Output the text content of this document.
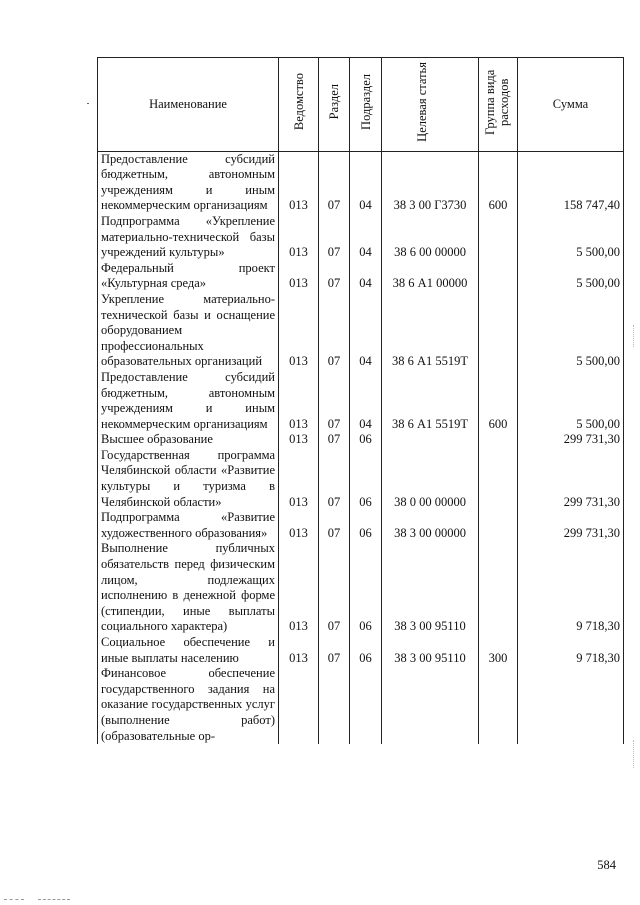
Наименование	Ведомство	Раздел	Подраздел	Целевая статья	Группа вида расходов	Сумма
Предоставление субсидий бюджетным, автономным учреждениям и иным некоммерческим организациям	013	07	04	38 3 00 Г3730	600	158 747,40
Подпрограмма «Укрепление материально-технической базы учреждений культуры»	013	07	04	38 6 00 00000		5 500,00
Федеральный проект «Культурная среда»	013	07	04	38 6 А1 00000		5 500,00
Укрепление материально-технической базы и оснащение оборудованием профессиональных образовательных организаций	013	07	04	38 6 А1 5519Т		5 500,00
Предоставление субсидий бюджетным, автономным учреждениям и иным некоммерческим организациям	013	07	04	38 6 А1 5519Т	600	5 500,00
Высшее образование	013	07	06			299 731,30
Государственная программа Челябинской области «Развитие культуры и туризма в Челябинской области»	013	07	06	38 0 00 00000		299 731,30
Подпрограмма «Развитие художественного образования»	013	07	06	38 3 00 00000		299 731,30
Выполнение публичных обязательств перед физическим лицом, подлежащих исполнению в денежной форме (стипендии, иные выплаты социального характера)	013	07	06	38 3 00 95110		9 718,30
Социальное обеспечение и иные выплаты населению	013	07	06	38 3 00 95110	300	9 718,30
Финансовое обеспечение государственного задания на оказание государственных услуг (выполнение работ) (образовательные ор-						
584
